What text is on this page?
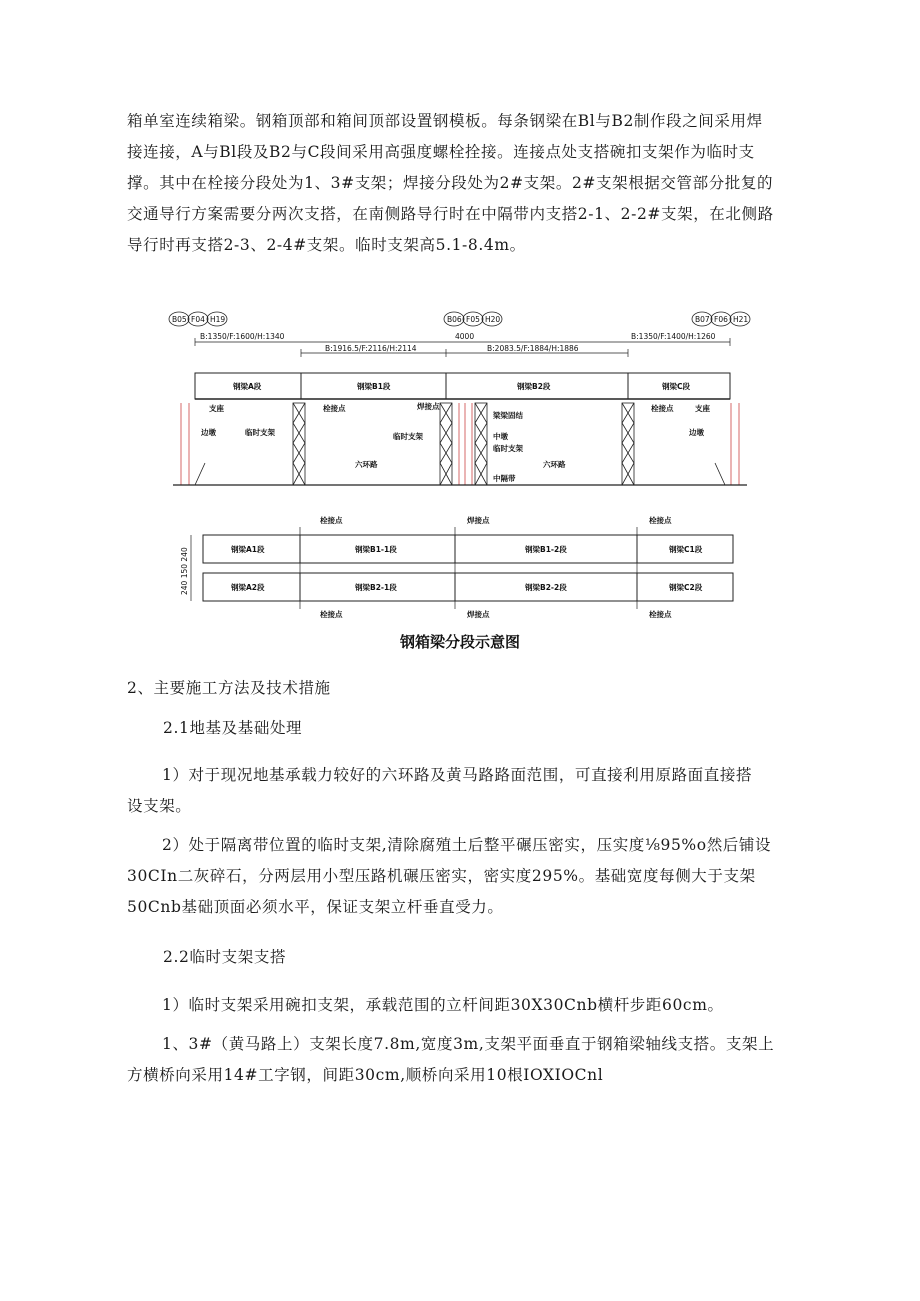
箱单室连续箱梁。钢箱顶部和箱间顶部设置钢模板。每条钢梁在Bl与B2制作段之间采用焊
接连接，A与Bl段及B2与C段间采用高强度螺栓拴接。连接点处支搭碗扣支架作为临时支
撑。其中在栓接分段处为1、3#支架；焊接分段处为2#支架。2#支架根据交管部分批复的
交通导行方案需要分两次支搭，在南侧路导行时在中隔带内支搭2-1、2-2#支架，在北侧路
导行时再支搭2-3、2-4#支架。临时支架高5.1-8.4m。
B05 F04 H19	B06 F05 H20	B07 F06 H21
B:1350/F:1600/H:1340	4000	B:1350/F:1400/H:1260
B:1916.5/F:2116/H:2114	B:2083.5/F:1884/H:1886
钢梁A段	钢梁B1段	钢梁B2段	钢梁C段
支座	支座
栓接点	焊接点
梁梁固结
栓接点
边墩	边墩
临时支架	临时支架	中墩
临时支架
六环路	六环路
中隔带
栓接点	焊接点	栓接点
钢梁A1段	钢梁B1-1段	钢梁B1-2段	钢梁C1段
钢梁A2段	钢梁B2-1段	钢梁B2-2段	钢梁C2段
栓接点	焊接点	栓接点
240 150 240
钢箱梁分段示意图
2、主要施工方法及技术措施
2.1地基及基础处理
1）对于现况地基承载力较好的六环路及黄马路路面范围，可直接利用原路面直接搭
设支架。
2）处于隔离带位置的临时支架,清除腐殖土后整平碾压密实，压实度⅛95%o然后铺设
30CIn二灰碎石，分两层用小型压路机碾压密实，密实度295%。基础宽度每侧大于支架
50Cnb基础顶面必须水平，保证支架立杆垂直受力。
2.2临时支架支搭
1）临时支架采用碗扣支架，承载范围的立杆间距30X30Cnb横杆步距60cm。
1、3#（黄马路上）支架长度7.8m,宽度3m,支架平面垂直于钢箱梁轴线支搭。支架上
方横桥向采用14#工字钢，间距30cm,顺桥向采用10根IOXIOCnl
